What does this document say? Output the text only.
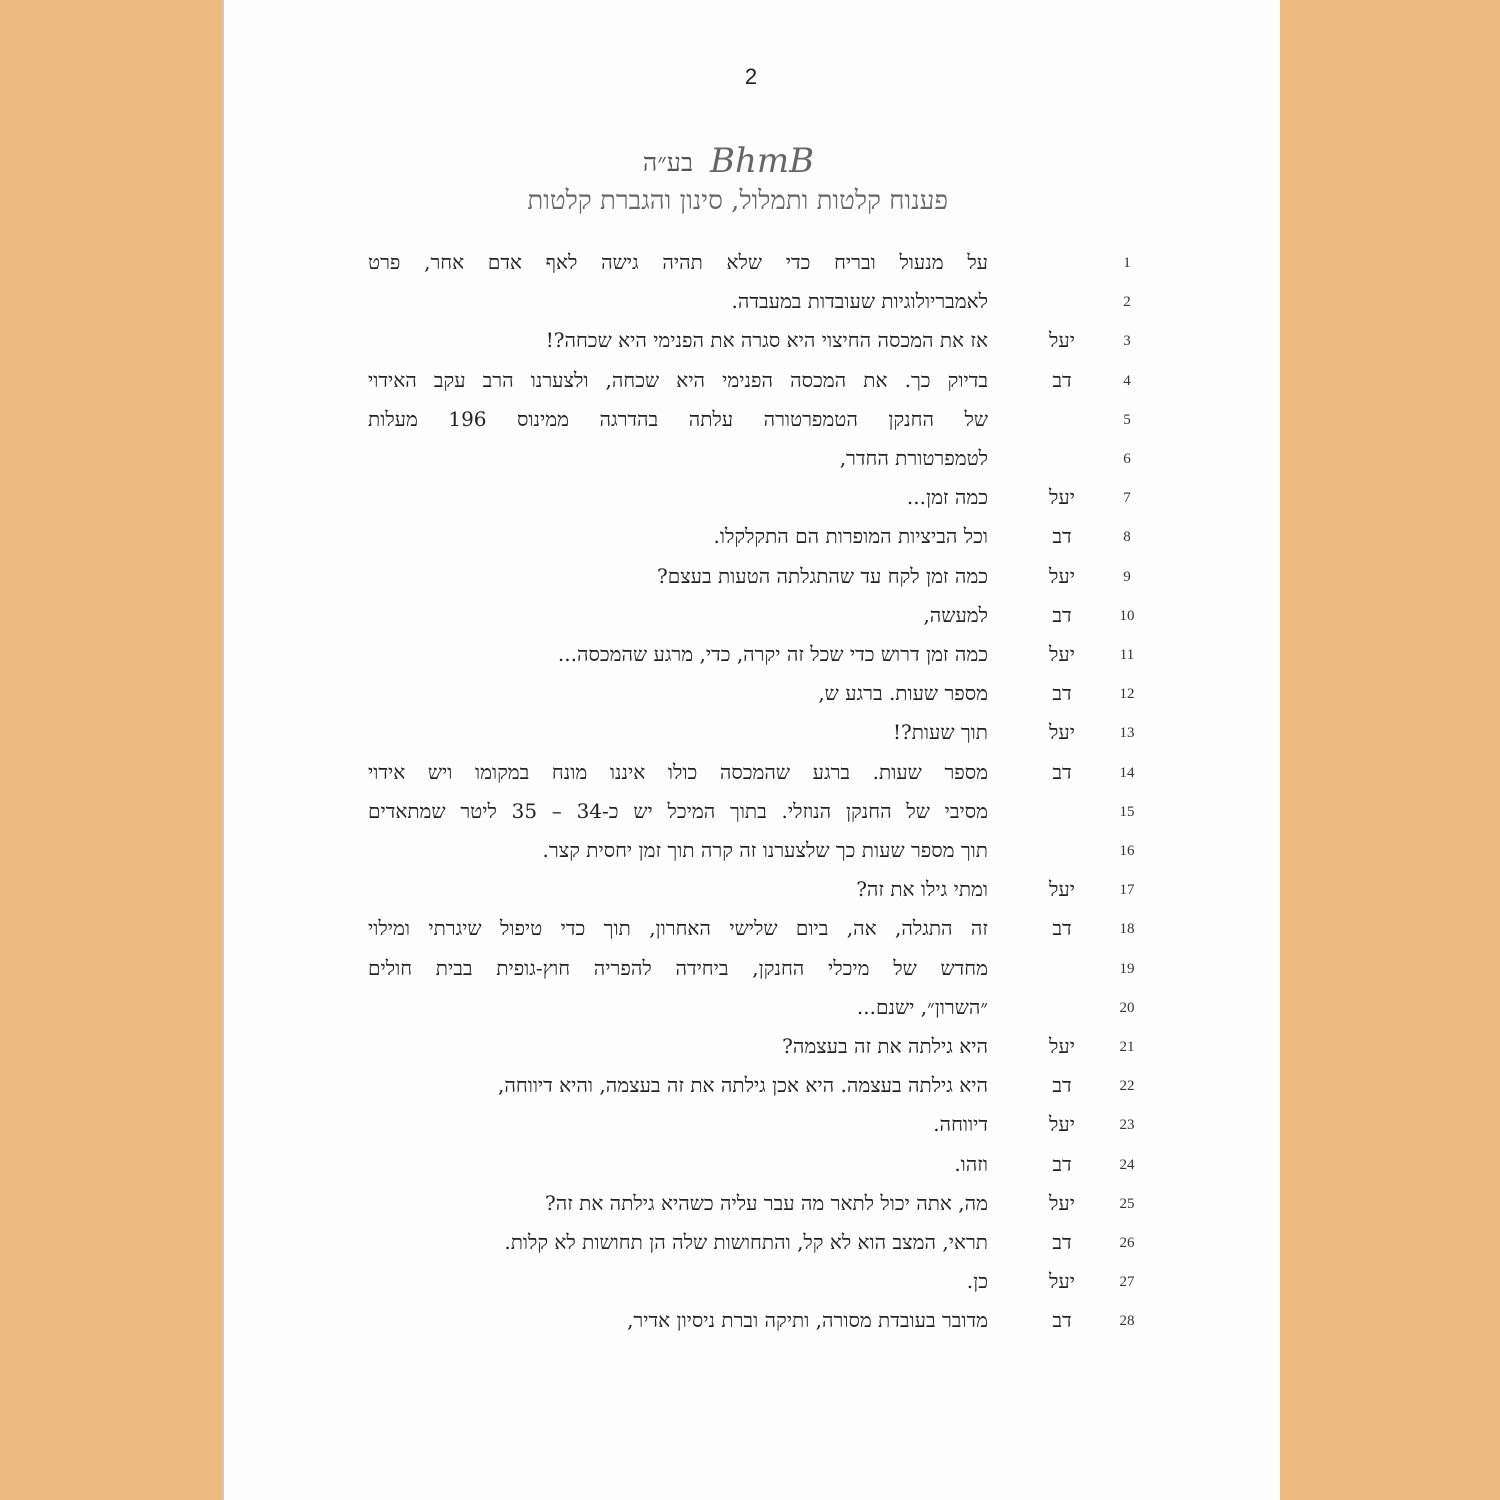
2
בע״ה BhmB
פענוח קלטות ותמלול, סינון והגברת קלטות
1
על מנעול ובריח כדי שלא תהיה גישה לאף אדם אחר, פרט
2
לאמבריולוגיות שעובדות במעבדה.
3
יעל
אז את המכסה החיצוי היא סגרה את הפנימי היא שכחה?!
4
דב
בדיוק כך. את המכסה הפנימי היא שכחה, ולצערנו הרב עקב האידוי
5
של החנקן הטמפרטורה עלתה בהדרגה ממינוס 196 מעלות
6
לטמפרטורת החדר,
7
יעל
כמה זמן...
8
דב
וכל הביציות המופרות הם התקלקלו.
9
יעל
כמה זמן לקח עד שהתגלתה הטעות בעצם?
10
דב
למעשה,
11
יעל
כמה זמן דרוש כדי שכל זה יקרה, כדי, מרגע שהמכסה...
12
דב
מספר שעות. ברגע ש,
13
יעל
תוך שעות?!
14
דב
מספר שעות. ברגע שהמכסה כולו איננו מונח במקומו ויש אידוי
15
מסיבי של החנקן הנוזלי. בתוך המיכל יש כ-34 – 35 ליטר שמתאדים
16
תוך מספר שעות כך שלצערנו זה קרה תוך זמן יחסית קצר.
17
יעל
ומתי גילו את זה?
18
דב
זה התגלה, אה, ביום שלישי האחרון, תוך כדי טיפול שיגרתי ומילוי
19
מחדש של מיכלי החנקן, ביחידה להפריה חוץ-גופית בבית חולים
20
״השרון״, ישנם...
21
יעל
היא גילתה את זה בעצמה?
22
דב
היא גילתה בעצמה. היא אכן גילתה את זה בעצמה, והיא דיווחה,
23
יעל
דיווחה.
24
דב
וזהו.
25
יעל
מה, אתה יכול לתאר מה עבר עליה כשהיא גילתה את זה?
26
דב
תראי, המצב הוא לא קל, והתחושות שלה הן תחושות לא קלות.
27
יעל
כן.
28
דב
מדובר בעובדת מסורה, ותיקה וברת ניסיון אדיר,
